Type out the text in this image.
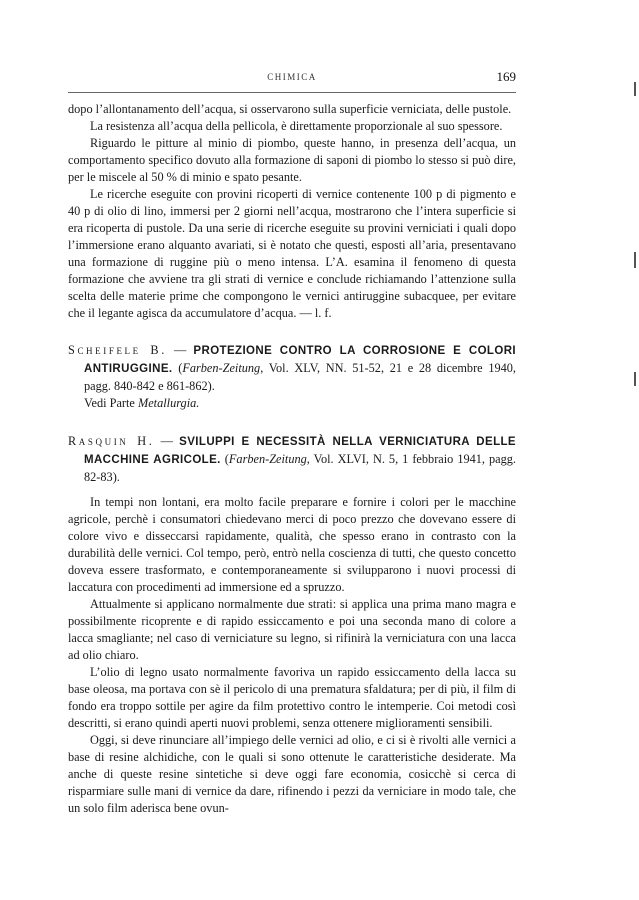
CHIMICA	169

dopo l’allontanamento dell’acqua, si osservarono sulla superficie verniciata, delle pustole.

La resistenza all’acqua della pellicola, è direttamente proporzionale al suo spessore.

Riguardo le pitture al minio di piombo, queste hanno, in presenza dell’acqua, un comportamento specifico dovuto alla formazione di saponi di piombo lo stesso si può dire, per le miscele al 50 % di minio e spato pesante.

Le ricerche eseguite con provini ricoperti di vernice contenente 100 p di pigmento e 40 p di olio di lino, immersi per 2 giorni nell’acqua, mostrarono che l’intera superficie si era ricoperta di pustole. Da una serie di ricerche eseguite su provini verniciati i quali dopo l’immersione erano alquanto avariati, si è notato che questi, esposti all’aria, presentavano una formazione di ruggine più o meno intensa. L’A. esamina il fenomeno di questa formazione che avviene tra gli strati di vernice e conclude richiamando l’attenzione sulla scelta delle materie prime che compongono le vernici antiruggine subacquee, per evitare che il legante agisca da accumulatore d’acqua. — l. f.

Scheifele B. — PROTEZIONE CONTRO LA CORROSIONE E COLORI ANTIRUGGINE. (Farben-Zeitung, Vol. XLV, NN. 51-52, 21 e 28 dicembre 1940, pagg. 840-842 e 861-862).

Vedi Parte Metallurgia.

Rasquin H. — SVILUPPI E NECESSITÀ NELLA VERNICIATURA DELLE MACCHINE AGRICOLE. (Farben-Zeitung, Vol. XLVI, N. 5, 1 febbraio 1941, pagg. 82-83).

In tempi non lontani, era molto facile preparare e fornire i colori per le macchine agricole, perchè i consumatori chiedevano merci di poco prezzo che dovevano essere di colore vivo e disseccarsi rapidamente, qualità, che spesso erano in contrasto con la durabilità delle vernici. Col tempo, però, entrò nella coscienza di tutti, che questo concetto doveva essere trasformato, e contemporaneamente si svilupparono i nuovi processi di laccatura con procedimenti ad immersione ed a spruzzo.

Attualmente si applicano normalmente due strati: si applica una prima mano magra e possibilmente ricoprente e di rapido essiccamento e poi una seconda mano di colore a lacca smagliante; nel caso di verniciature su legno, si rifinirà la verniciatura con una lacca ad olio chiaro.

L’olio di legno usato normalmente favoriva un rapido essiccamento della lacca su base oleosa, ma portava con sè il pericolo di una prematura sfaldatura; per di più, il film di fondo era troppo sottile per agire da film protettivo contro le intemperie. Coi metodi così descritti, si erano quindi aperti nuovi problemi, senza ottenere miglioramenti sensibili.

Oggi, si deve rinunciare all’impiego delle vernici ad olio, e ci si è rivolti alle vernici a base di resine alchidiche, con le quali si sono ottenute le caratteristiche desiderate. Ma anche di queste resine sintetiche si deve oggi fare economia, cosicchè si cerca di risparmiare sulle mani di vernice da dare, rifinendo i pezzi da verniciare in modo tale, che un solo film aderisca bene ovun-
